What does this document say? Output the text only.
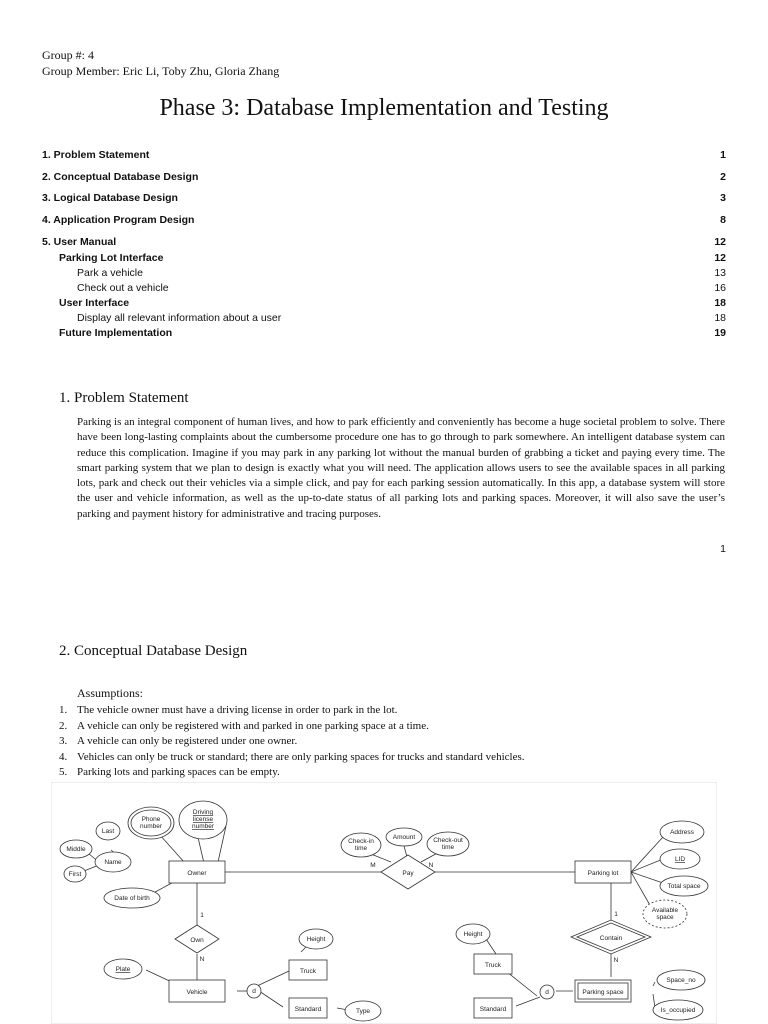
Group #: 4
Group Member: Eric Li, Toby Zhu, Gloria Zhang
Phase 3: Database Implementation and Testing
1. Problem Statement	1
2. Conceptual Database Design	2
3. Logical Database Design	3
4. Application Program Design	8
5. User Manual	12
Parking Lot Interface	12
Park a vehicle	13
Check out a vehicle	16
User Interface	18
Display all relevant information about a user	18
Future Implementation	19
1. Problem Statement
Parking is an integral component of human lives, and how to park efficiently and conveniently has become a huge societal problem to solve. There have been long-lasting complaints about the cumbersome procedure one has to go through to park somewhere. An intelligent database system can reduce this complication. Imagine if you may park in any parking lot without the manual burden of grabbing a ticket and paying every time. The smart parking system that we plan to design is exactly what you will need. The application allows users to see the available spaces in all parking lots, park and check out their vehicles via a simple click, and pay for each parking session automatically. In this app, a database system will store the user and vehicle information, as well as the up-to-date status of all parking lots and parking spaces. Moreover, it will also save the user’s parking and payment history for administrative and tracing purposes.
1
2. Conceptual Database Design
Assumptions:
1. The vehicle owner must have a driving license in order to park in the lot.
2. A vehicle can only be registered with and parked in one parking space at a time.
3. A vehicle can only be registered under one owner.
4. Vehicles can only be truck or standard; there are only parking spaces for trucks and standard vehicles.
5. Parking lots and parking spaces can be empty.
Owner	Parking lot
Vehicle
Truck
Standard
Truck
Standard
Parking space
Pay
Own	Contain
Last
Middle
First
Name
Phone
number
Driving
license
number
Date of birth
Check-in
time
Amount	Check-out
time
Address
LID
Total space
Available
space
Height
Plate
Type
Height
Space_no
Is_occupied
M	N
1
N
1
N
d	d
